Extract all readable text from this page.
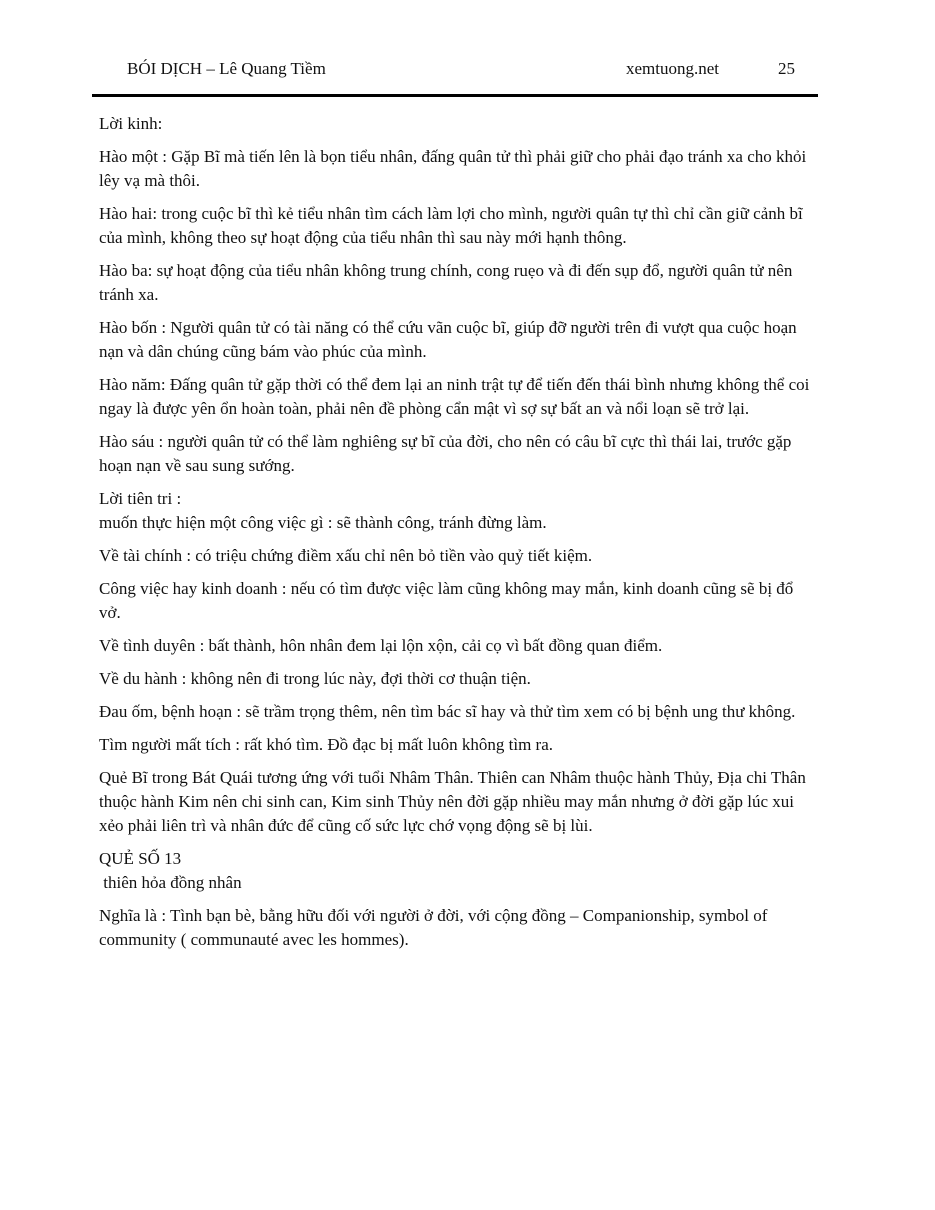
BÓI DỊCH – Lê Quang Tiềm	xemtuong.net	25

Lời kinh:

Hào một : Gặp Bĩ mà tiến lên là bọn tiểu nhân, đấng quân tử thì phải giữ cho phải đạo tránh xa cho khỏi lêy vạ mà thôi.

Hào hai: trong cuộc bĩ thì kẻ tiểu nhân tìm cách làm lợi cho mình, người quân tự thì chỉ cần giữ cảnh bĩ của mình, không theo sự hoạt động của tiểu nhân thì sau này mới hạnh thông.

Hào ba: sự hoạt động của tiểu nhân không trung chính, cong ruẹo và đi đến sụp đổ, người quân tử nên tránh xa.

Hào bốn : Người quân tử có tài năng có thể cứu vãn cuộc bĩ, giúp đỡ người trên đi vượt qua cuộc hoạn nạn và dân chúng cũng bám vào phúc của mình.

Hào năm: Đấng quân tử gặp thời có thể đem lại an ninh trật tự để tiến đến thái bình nhưng không thể coi ngay là được yên ổn hoàn toàn, phải nên đề phòng cẩn mật vì sợ sự bất an và nổi loạn sẽ trở lại.

Hào sáu : người quân tử có thể làm nghiêng sự bĩ của đời, cho nên có câu bĩ cực thì thái lai, trước gặp hoạn nạn về sau sung sướng.

Lời tiên tri :
muốn thực hiện một công việc gì : sẽ thành công, tránh đừng làm.

Về tài chính : có triệu chứng điềm xấu chỉ nên bỏ tiền vào quỷ tiết kiệm.

Công việc hay kinh doanh : nếu có tìm được việc làm cũng không may mắn, kinh doanh cũng sẽ bị đổ vở.

Về tình duyên : bất thành, hôn nhân đem lại lộn xộn, cải cọ vì bất đồng quan điểm.

Về du hành : không nên đi trong lúc này, đợi thời cơ thuận tiện.

Đau ốm, bệnh hoạn : sẽ trầm trọng thêm, nên tìm bác sĩ hay và thử tìm xem có bị bệnh ung thư không.

Tìm người mất tích : rất khó tìm. Đồ đạc bị mất luôn không tìm ra.

Quẻ Bĩ trong Bát Quái tương ứng với tuổi Nhâm Thân. Thiên can Nhâm thuộc hành Thủy, Địa chi Thân thuộc hành Kim nên chi sinh can, Kim sinh Thủy nên đời gặp nhiều may mắn nhưng ở đời gặp lúc xui xẻo phải liên trì và nhân đức để cũng cố sức lực chớ vọng động sẽ bị lùi.

QUẺ SỐ 13
thiên hỏa đồng nhân

Nghĩa là : Tình bạn bè, bằng hữu đối với người ở đời, với cộng đồng – Companionship, symbol of community ( communauté avec les hommes).
